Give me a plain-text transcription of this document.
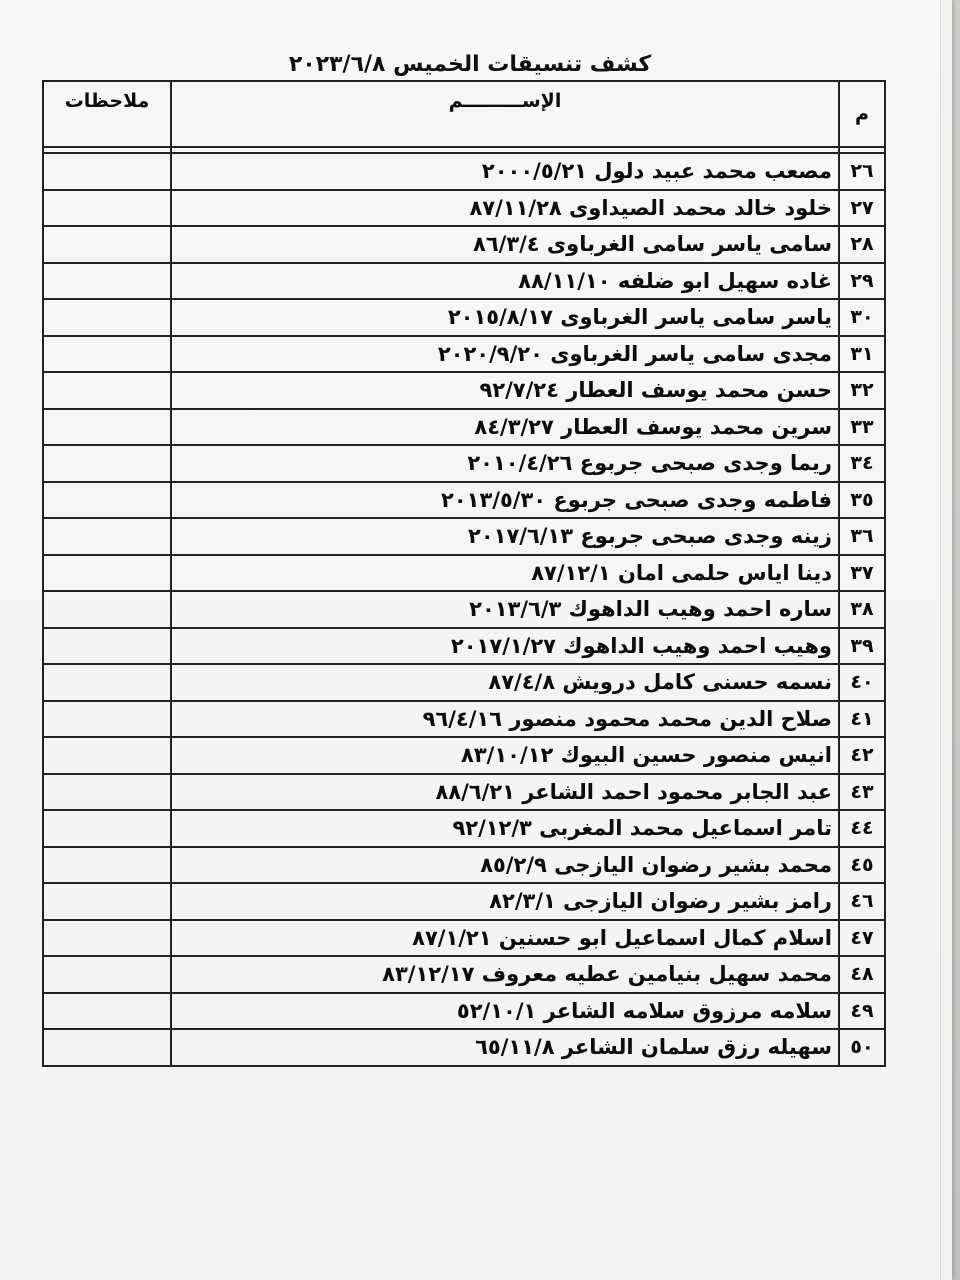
كشف تنسيقات الخميس ٢٠٢٣/٦/٨
م	الإســـــــــم	ملاحظات

٢٦	مصعب محمد عبيد دلول ٢٠٠٠/٥/٢١	
٢٧	خلود خالد محمد الصيداوى ٨٧/١١/٢٨	
٢٨	سامى ياسر سامى الغرباوى ٨٦/٣/٤	
٢٩	غاده سهيل ابو ضلفه ٨٨/١١/١٠	
٣٠	ياسر سامى ياسر الغرباوى ٢٠١٥/٨/١٧	
٣١	مجدى سامى ياسر الغرباوى ٢٠٢٠/٩/٢٠	
٣٢	حسن محمد يوسف العطار ٩٢/٧/٢٤	
٣٣	سرين محمد يوسف العطار ٨٤/٣/٢٧	
٣٤	ريما وجدى صبحى جربوع ٢٠١٠/٤/٢٦	
٣٥	فاطمه وجدى صبحى جربوع ٢٠١٣/٥/٣٠	
٣٦	زينه وجدى صبحى جربوع ٢٠١٧/٦/١٣	
٣٧	دينا اياس حلمى امان ٨٧/١٢/١	
٣٨	ساره احمد وهيب الداهوك ٢٠١٣/٦/٣	
٣٩	وهيب احمد وهيب الداهوك ٢٠١٧/١/٢٧	
٤٠	نسمه حسنى كامل درويش ٨٧/٤/٨	
٤١	صلاح الدين محمد محمود منصور ٩٦/٤/١٦	
٤٢	انيس منصور حسين البيوك ٨٣/١٠/١٢	
٤٣	عبد الجابر محمود احمد الشاعر ٨٨/٦/٢١	
٤٤	تامر اسماعيل محمد المغربى ٩٢/١٢/٣	
٤٥	محمد بشير رضوان اليازجى ٨٥/٢/٩	
٤٦	رامز بشير رضوان اليازجى ٨٢/٣/١	
٤٧	اسلام كمال اسماعيل ابو حسنين ٨٧/١/٢١	
٤٨	محمد سهيل بنيامين عطيه معروف ٨٣/١٢/١٧	
٤٩	سلامه مرزوق سلامه الشاعر ٥٢/١٠/١	
٥٠	سهيله رزق سلمان الشاعر ٦٥/١١/٨	
